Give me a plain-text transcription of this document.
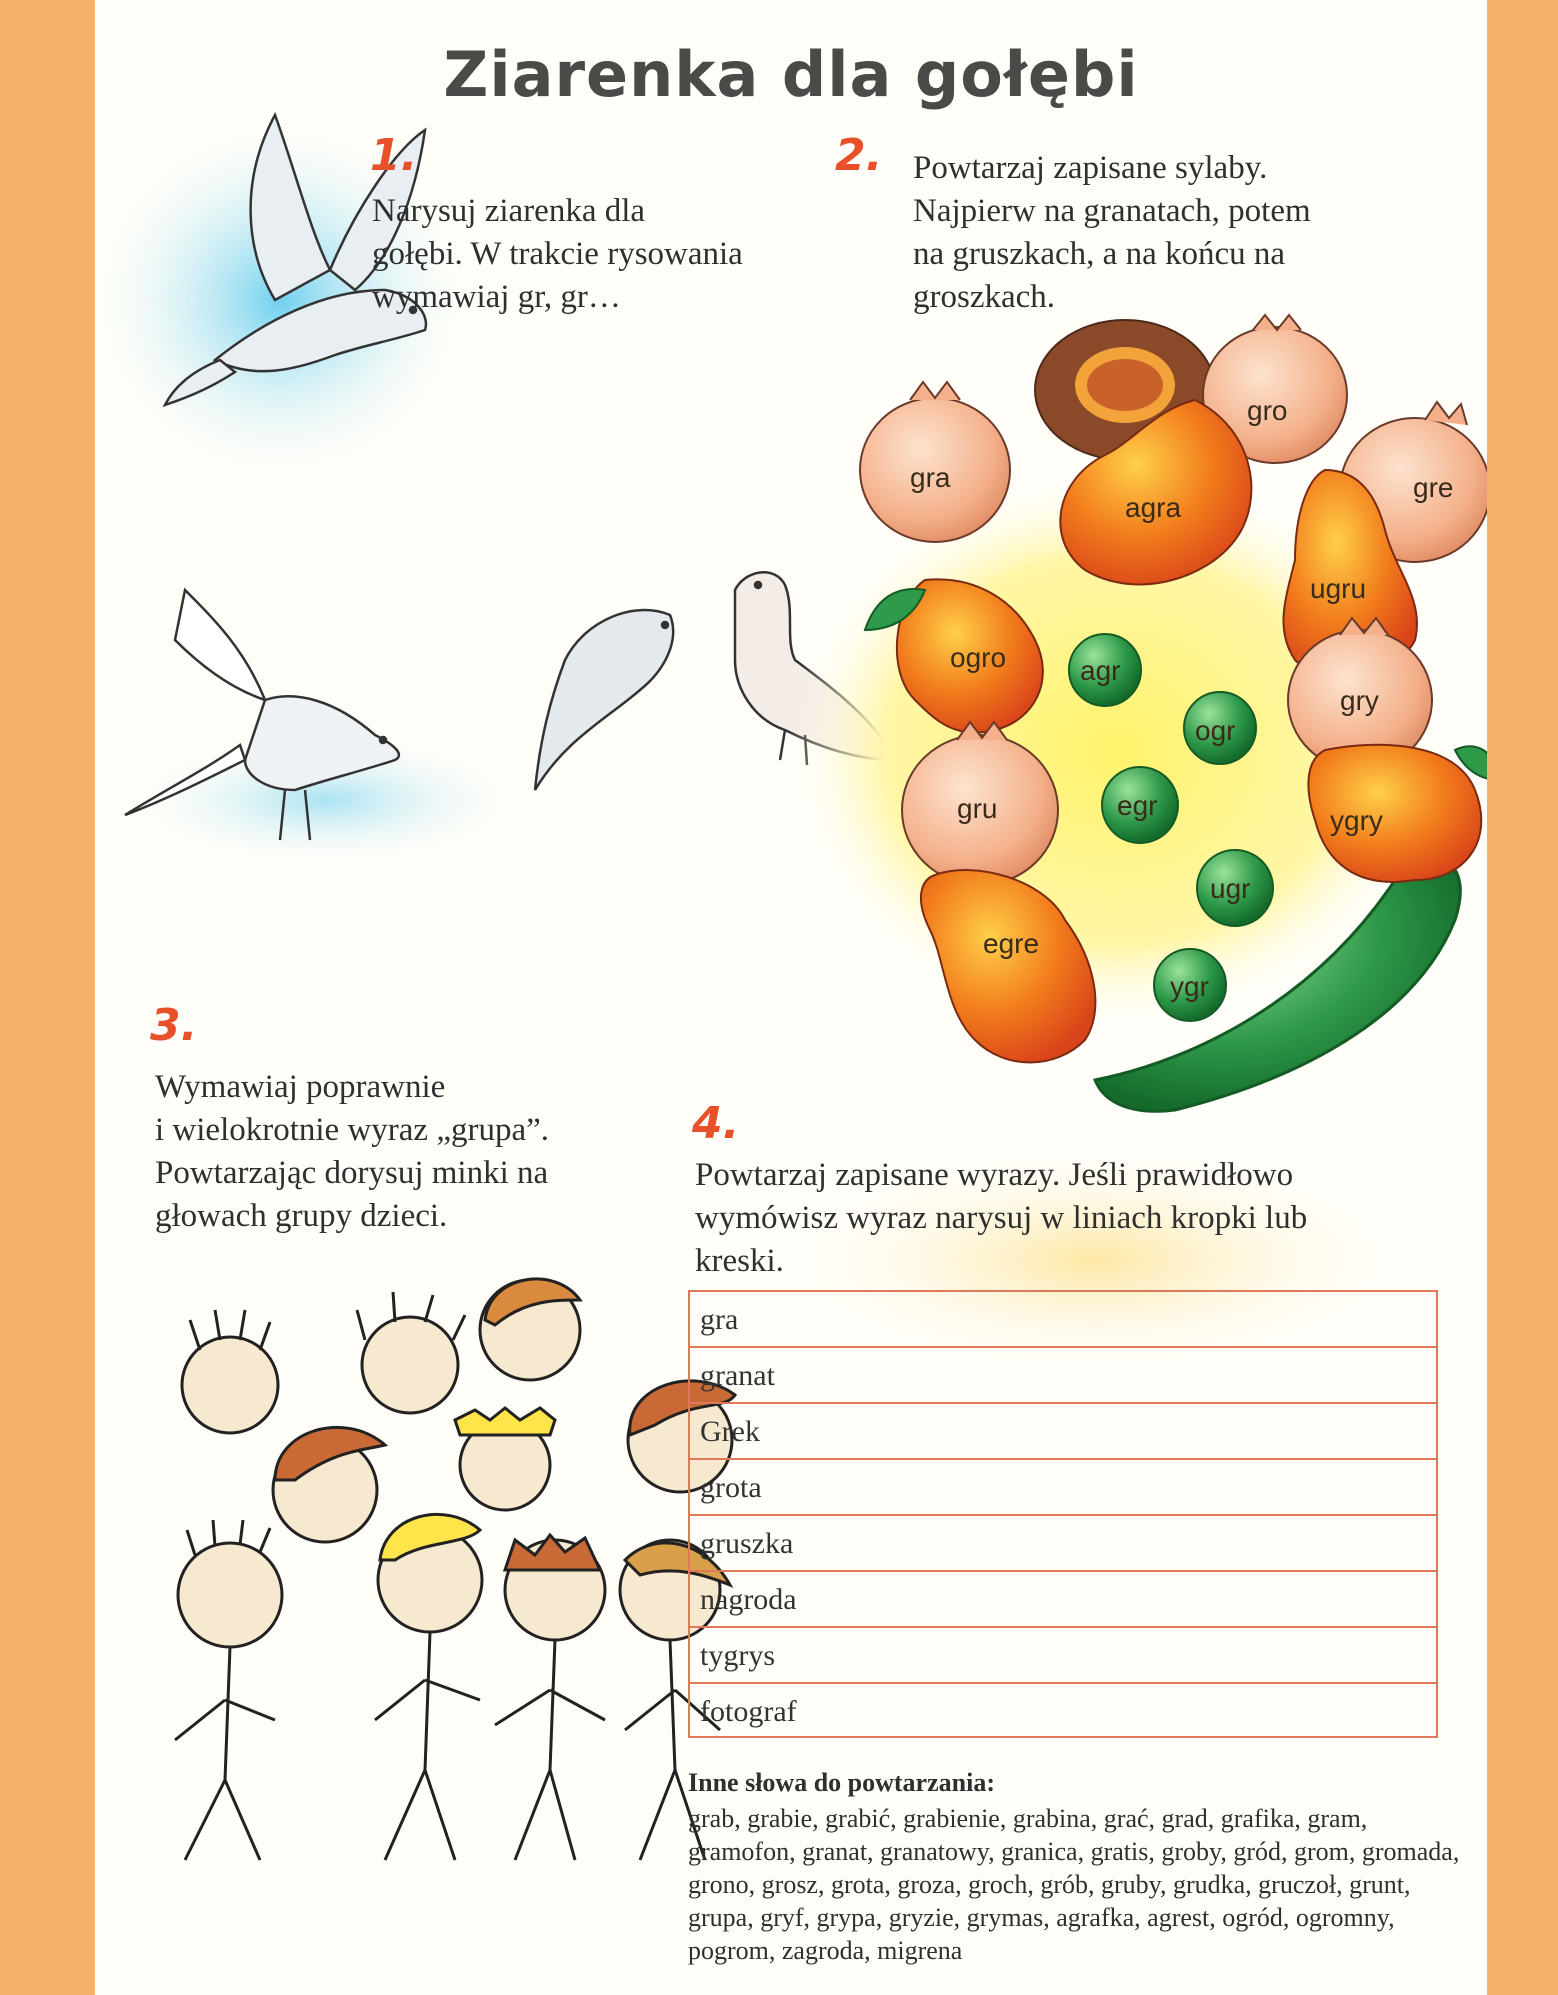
gra
gro
gre
agra
ugru
ogro	agr
gry
ogr
gru	egr	ygry
ugr
egre
ygr
Ziarenka dla gołębi
1.
Narysuj ziarenka dla
gołębi. W trakcie rysowania
wymawiaj gr, gr…
2. Powtarzaj zapisane sylaby.
Najpierw na granatach, potem
na gruszkach, a na końcu na
groszkach.
3.
Wymawiaj poprawnie
i wielokrotnie wyraz „grupa”.
Powtarzając dorysuj minki na
głowach grupy dzieci.
4.
Powtarzaj zapisane wyrazy. Jeśli prawidłowo
wymówisz wyraz narysuj w liniach kropki lub
kreski.
gra
granat
Grek
grota
gruszka
nagroda
tygrys
fotograf
Inne słowa do powtarzania:
grab, grabie, grabić, grabienie, grabina, grać, grad, grafika, gram, gramofon, granat, granatowy, granica, gratis, groby, gród, grom, gromada, grono, grosz, grota, groza, groch, grób, gruby, grudka, gruczoł, grunt, grupa, gryf, grypa, gryzie, grymas, agrafka, agrest, ogród, ogromny, pogrom, zagroda, migrena
